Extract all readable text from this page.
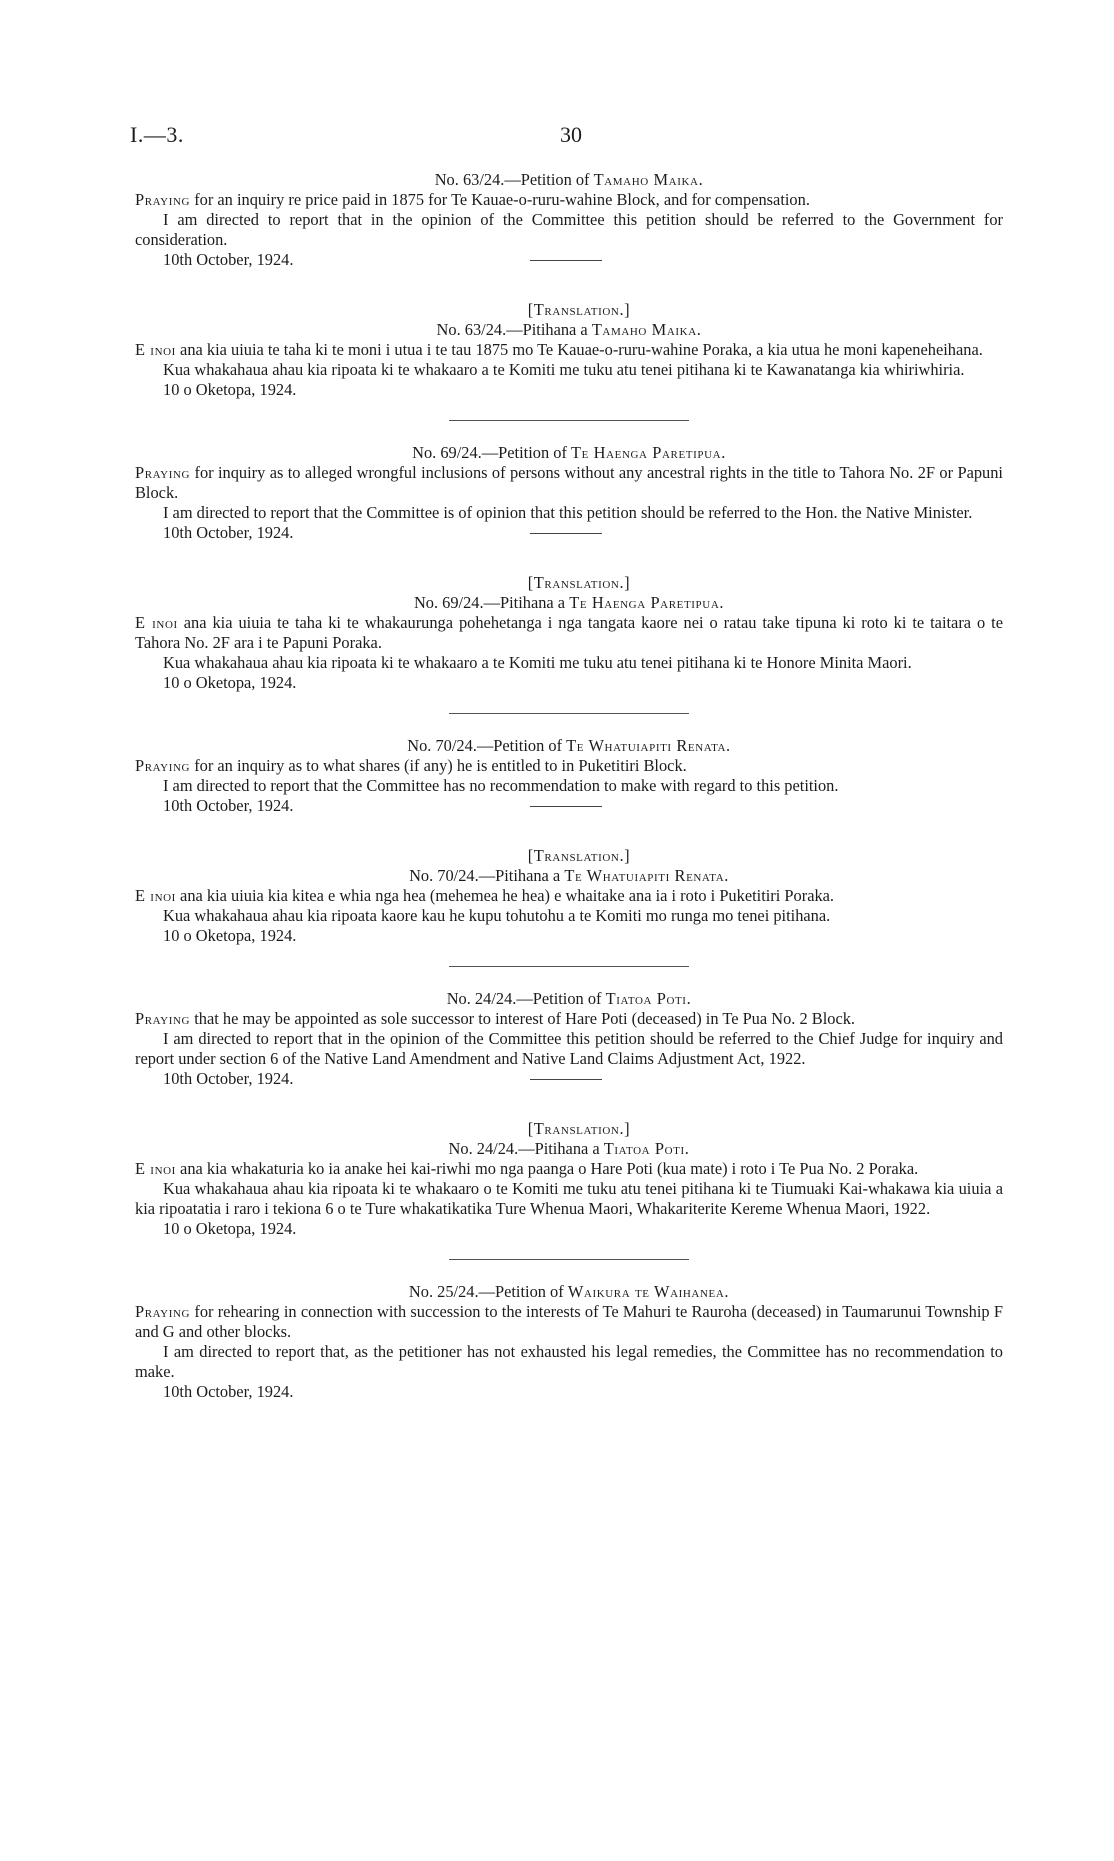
I.—3.	30

No. 63/24.—Petition of Tamaho Maika.

Praying for an inquiry re price paid in 1875 for Te Kauae-o-ruru-wahine Block, and for compensation.

I am directed to report that in the opinion of the Committee this petition should be referred to the Government for consideration.

10th October, 1924.

[Translation.]

No. 63/24.—Pitihana a Tamaho Maika.

E inoi ana kia uiuia te taha ki te moni i utua i te tau 1875 mo Te Kauae-o-ruru-wahine Poraka, a kia utua he moni kapeneheihana.

Kua whakahaua ahau kia ripoata ki te whakaaro a te Komiti me tuku atu tenei pitihana ki te Kawanatanga kia whiriwhiria.

10 o Oketopa, 1924.

No. 69/24.—Petition of Te Haenga Paretipua.

Praying for inquiry as to alleged wrongful inclusions of persons without any ancestral rights in the title to Tahora No. 2F or Papuni Block.

I am directed to report that the Committee is of opinion that this petition should be referred to the Hon. the Native Minister.

10th October, 1924.

[Translation.]

No. 69/24.—Pitihana a Te Haenga Paretipua.

E inoi ana kia uiuia te taha ki te whakaurunga pohehetanga i nga tangata kaore nei o ratau take tipuna ki roto ki te taitara o te Tahora No. 2F ara i te Papuni Poraka.

Kua whakahaua ahau kia ripoata ki te whakaaro a te Komiti me tuku atu tenei pitihana ki te Honore Minita Maori.

10 o Oketopa, 1924.

No. 70/24.—Petition of Te Whatuiapiti Renata.

Praying for an inquiry as to what shares (if any) he is entitled to in Puketitiri Block.

I am directed to report that the Committee has no recommendation to make with regard to this petition.

10th October, 1924.

[Translation.]

No. 70/24.—Pitihana a Te Whatuiapiti Renata.

E inoi ana kia uiuia kia kitea e whia nga hea (mehemea he hea) e whaitake ana ia i roto i Puketitiri Poraka.

Kua whakahaua ahau kia ripoata kaore kau he kupu tohutohu a te Komiti mo runga mo tenei pitihana.

10 o Oketopa, 1924.

No. 24/24.—Petition of Tiatoa Poti.

Praying that he may be appointed as sole successor to interest of Hare Poti (deceased) in Te Pua No. 2 Block.

I am directed to report that in the opinion of the Committee this petition should be referred to the Chief Judge for inquiry and report under section 6 of the Native Land Amendment and Native Land Claims Adjustment Act, 1922.

10th October, 1924.

[Translation.]

No. 24/24.—Pitihana a Tiatoa Poti.

E inoi ana kia whakaturia ko ia anake hei kai-riwhi mo nga paanga o Hare Poti (kua mate) i roto i Te Pua No. 2 Poraka.

Kua whakahaua ahau kia ripoata ki te whakaaro o te Komiti me tuku atu tenei pitihana ki te Tiumuaki Kai-whakawa kia uiuia a kia ripoatatia i raro i tekiona 6 o te Ture whakatikatika Ture Whenua Maori, Whakariterite Kereme Whenua Maori, 1922.

10 o Oketopa, 1924.

No. 25/24.—Petition of Waikura te Waihanea.

Praying for rehearing in connection with succession to the interests of Te Mahuri te Rauroha (deceased) in Taumarunui Township F and G and other blocks.

I am directed to report that, as the petitioner has not exhausted his legal remedies, the Committee has no recommendation to make.

10th October, 1924.
